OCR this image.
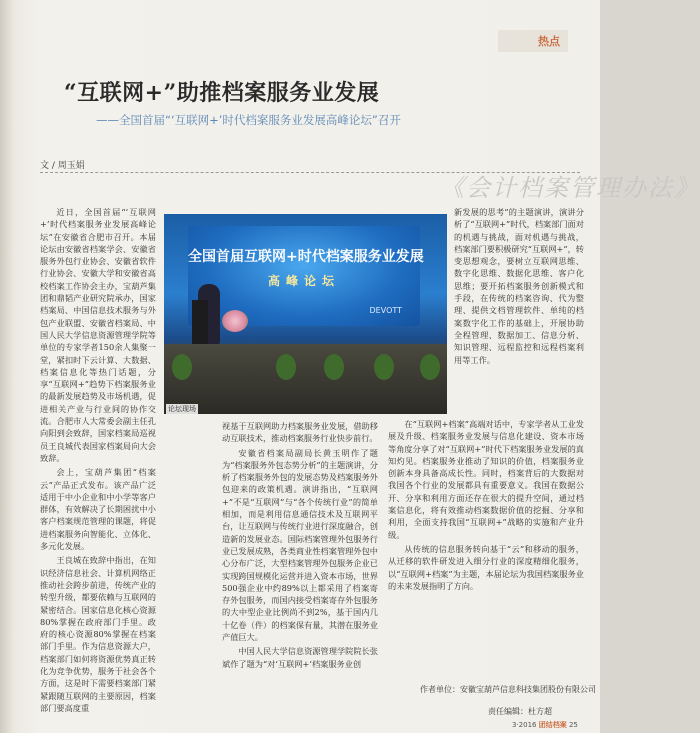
热点
“互联网+”助推档案服务业发展
——全国首届“‘互联网+’时代档案服务业发展高峰论坛”召开
《会计档案管理办法》
文 / 周玉娟

近日，全国首届“‘互联网+’时代档案服务业发展高峰论坛”在安徽省合肥市召开。本届论坛由安徽省档案学会、安徽省服务外包行业协会、安徽省软件行业协会、安徽大学和安徽省高校档案工作协会主办，宝葫芦集团和鼎韬产业研究院承办，国家档案局、中国信息技术服务与外包产业联盟、安徽省档案局、中国人民大学信息资源管理学院等单位的专家学者150余人集聚一堂，紧扣时下云计算、大数据、档案信息化等热门话题，分享“互联网+”趋势下档案服务业的最新发展趋势及市场机遇，促进相关产业与行业间的协作交流。合肥市人大常委会副主任孔向阳到会致辞，国家档案局巡视员王良城代表国家档案局向大会致辞。

会上，宝葫芦集团“档案云”产品正式发布。该产品广泛适用于中小企业和中小学等客户群体，有效解决了长期困扰中小客户档案规范管理的课题，将促进档案服务向智能化、立体化、多元化发展。

王良城在致辞中指出，在知识经济信息社会、计算机网络正推动社会跨步前进，传统产业的转型升级，都要依赖与互联网的紧密结合。国家信息化核心资源80%掌握在政府部门手里。政府的核心资源80%掌握在档案部门手里。作为信息资源大户，档案部门如何将资源优势真正转化为竞争优势，服务于社会各个方面，这是时下需要档案部门紧紧跟随互联网的主要原因，档案部门要高度重

全国首届互联网+时代档案服务业发展
高峰论坛
DEVOTT
论坛现场

视基于互联网助力档案服务业发展，借助移动互联技术，推动档案服务行业快步前行。

安徽省档案局副局长黄玉明作了题为“档案服务外包态势分析”的主题演讲，分析了档案服务外包的发展态势及档案服务外包迎来的政策机遇。演讲指出，“互联网+”不是“互联网”与“各个传统行业”的简单相加，而是利用信息通信技术及互联网平台，让互联网与传统行业进行深度融合，创造新的发展业态。国际档案管理外包服务行业已发展成熟，各类商业性档案管理外包中心分布广泛，大型档案管理外包服务企业已实现跨国规模化运营并进入资本市场，世界500强企业中约89%以上都采用了档案寄存外包服务，而国内接受档案寄存外包服务的大中型企业比例尚不到2%，基于国内几十亿卷（件）的档案保有量，其潜在服务业产值巨大。

中国人民大学信息资源管理学院院长张斌作了题为“对‘互联网+’档案服务业创

新发展的思考”的主题演讲，演讲分析了“互联网+”时代，档案部门面对的机遇与挑战，面对机遇与挑战，档案部门要积极研究“互联网+”，转变思想观念，要树立互联网思维、数字化思维、数据化思维、客户化思维；要开拓档案服务创新模式和手段，在传统的档案咨询、代为整理、提供文档管理软件、单纯的档案数字化工作的基础上，开展协助全程管理、数据加工、信息分析、知识管理、远程监控和远程档案利用等工作。

在“互联网+档案”高端对话中，专家学者从工业发展及升级、档案服务业发展与信息化建设、资本市场等角度分享了对“互联网+”时代下档案服务业发展的真知灼见。档案服务业推动了知识的价值，档案服务业创新本身具备高成长性。同时，档案背后的大数据对我国各个行业的发展都具有重要意义。我国在数据公开、分享和利用方面还存在很大的提升空间，通过档案信息化，将有效推动档案数据价值的挖掘、分享和利用，全面支持我国“互联网+”战略的实施和产业升级。

从传统的信息服务转向基于“云”和移动的服务，从迁移的软件研发进入细分行业的深度精细化服务，以“互联网+档案”为主题，本届论坛为我国档案服务业的未来发展指明了方向。

作者单位：安徽宝葫芦信息科技集团股份有限公司
责任编辑：杜方超
3·2016 团结档案 25
